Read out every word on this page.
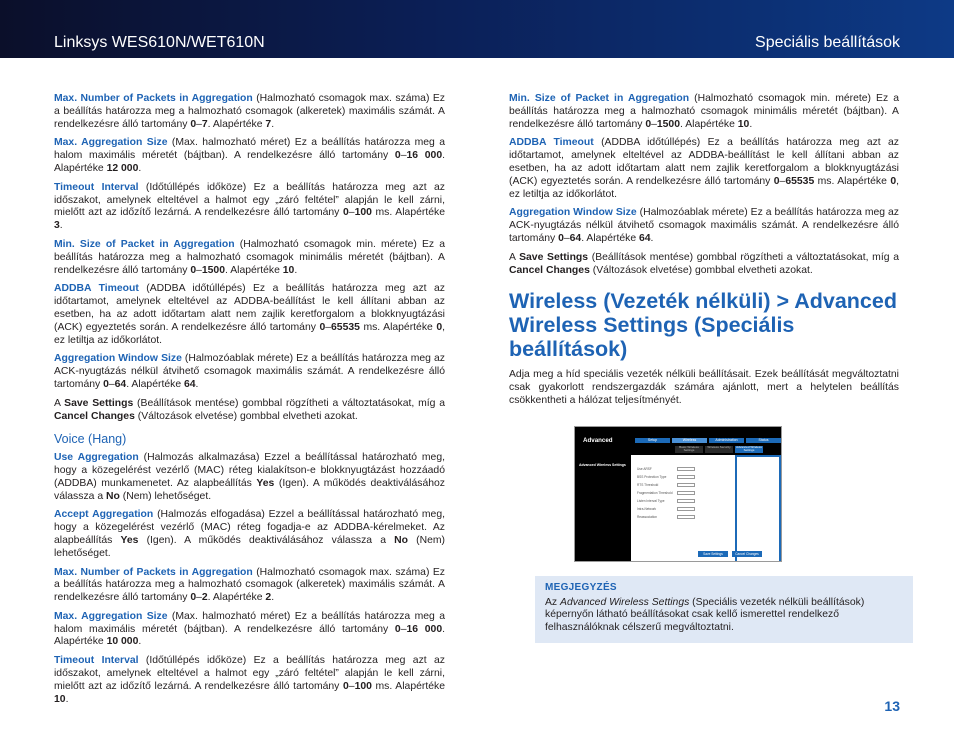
Linksys WES610N/WET610N	Speciális beállítások

Max. Number of Packets in Aggregation (Halmozható csomagok max. száma) Ez a beállítás határozza meg a halmozható csomagok (alkeretek) maximális számát. A rendelkezésre álló tartomány 0–7. Alapértéke 7.

Max. Aggregation Size (Max. halmozható méret) Ez a beállítás határozza meg a halom maximális méretét (bájtban). A rendelkezésre álló tartomány 0–16 000. Alapértéke 12 000.

Timeout Interval (Időtúllépés időköze) Ez a beállítás határozza meg azt az időszakot, amelynek elteltével a halmot egy „záró feltétel” alapján le kell zárni, mielőtt azt az időzítő lezárná. A rendelkezésre álló tartomány 0–100 ms. Alapértéke 3.

Min. Size of Packet in Aggregation (Halmozható csomagok min. mérete) Ez a beállítás határozza meg a halmozható csomagok minimális méretét (bájtban). A rendelkezésre álló tartomány 0–1500. Alapértéke 10.

ADDBA Timeout (ADDBA időtúllépés) Ez a beállítás határozza meg azt az időtartamot, amelynek elteltével az ADDBA-beállítást le kell állítani abban az esetben, ha az adott időtartam alatt nem zajlik keretforgalom a blokknyugtázási (ACK) egyeztetés során. A rendelkezésre álló tartomány 0–65535 ms. Alapértéke 0, ez letiltja az időkorlátot.

Aggregation Window Size (Halmozóablak mérete) Ez a beállítás határozza meg az ACK-nyugtázás nélkül átvihető csomagok maximális számát. A rendelkezésre álló tartomány 0–64. Alapértéke 64.

A Save Settings (Beállítások mentése) gombbal rögzítheti a változtatásokat, míg a Cancel Changes (Változások elvetése) gombbal elvetheti azokat.

Voice (Hang)

Use Aggregation (Halmozás alkalmazása) Ezzel a beállítással határozható meg, hogy a közegelérést vezérlő (MAC) réteg kialakítson-e blokknyugtázást hozzáadó (ADDBA) munkamenetet. Az alapbeállítás Yes (Igen). A működés deaktiválásához válassza a No (Nem) lehetőséget.

Accept Aggregation (Halmozás elfogadása) Ezzel a beállítással határozható meg, hogy a közegelérést vezérlő (MAC) réteg fogadja-e az ADDBA-kérelmeket. Az alapbeállítás Yes (Igen). A működés deaktiválásához válassza a No (Nem) lehetőséget.

Max. Number of Packets in Aggregation (Halmozható csomagok max. száma) Ez a beállítás határozza meg a halmozható csomagok (alkeretek) maximális számát. A rendelkezésre álló tartomány 0–2. Alapértéke 2.

Max. Aggregation Size (Max. halmozható méret) Ez a beállítás határozza meg a halom maximális méretét (bájtban). A rendelkezésre álló tartomány 0–16 000. Alapértéke 10 000.

Timeout Interval (Időtúllépés időköze) Ez a beállítás határozza meg azt az időszakot, amelynek elteltével a halmot egy „záró feltétel” alapján le kell zárni, mielőtt azt az időzítő lezárná. A rendelkezésre álló tartomány 0–100 ms. Alapértéke 10.

Min. Size of Packet in Aggregation (Halmozható csomagok min. mérete) Ez a beállítás határozza meg a halmozható csomagok minimális méretét (bájtban). A rendelkezésre álló tartomány 0–1500. Alapértéke 10.

ADDBA Timeout (ADDBA időtúllépés) Ez a beállítás határozza meg azt az időtartamot, amelynek elteltével az ADDBA-beállítást le kell állítani abban az esetben, ha az adott időtartam alatt nem zajlik keretforgalom a blokknyugtázási (ACK) egyeztetés során. A rendelkezésre álló tartomány 0–65535 ms. Alapértéke 0, ez letiltja az időkorlátot.

Aggregation Window Size (Halmozóablak mérete) Ez a beállítás határozza meg az ACK-nyugtázás nélkül átvihető csomagok maximális számát. A rendelkezésre álló tartomány 0–64. Alapértéke 64.

A Save Settings (Beállítások mentése) gombbal rögzítheti a változtatásokat, míg a Cancel Changes (Változások elvetése) gombbal elvetheti azokat.

Wireless (Vezeték nélküli) > Advanced Wireless Settings (Speciális beállítások)

Adja meg a híd speciális vezeték nélküli beállításait. Ezek beállítását megváltoztatni csak gyakorlott rendszergazdák számára ajánlott, mert a helytelen beállítás csökkentheti a hálózat teljesítményét.

Advanced	Setup	Wireless	Administration	Status
Basic Wireless Settings
Wireless Security	Advanced Wireless Settings
Advanced Wireless Settings
Use ARSF
BSS Protection Type
RTS Threshold
Fragmentation Threshold
Listen Interval Type
Intra-Network
Reassociation
Save Settings	Cancel Changes
MEGJEGYZÉS

Az Advanced Wireless Settings (Speciális vezeték nélküli beállítások) képernyőn látható beállításokat csak kellő ismerettel rendelkező felhasználóknak célszerű megváltoztatni.

13
